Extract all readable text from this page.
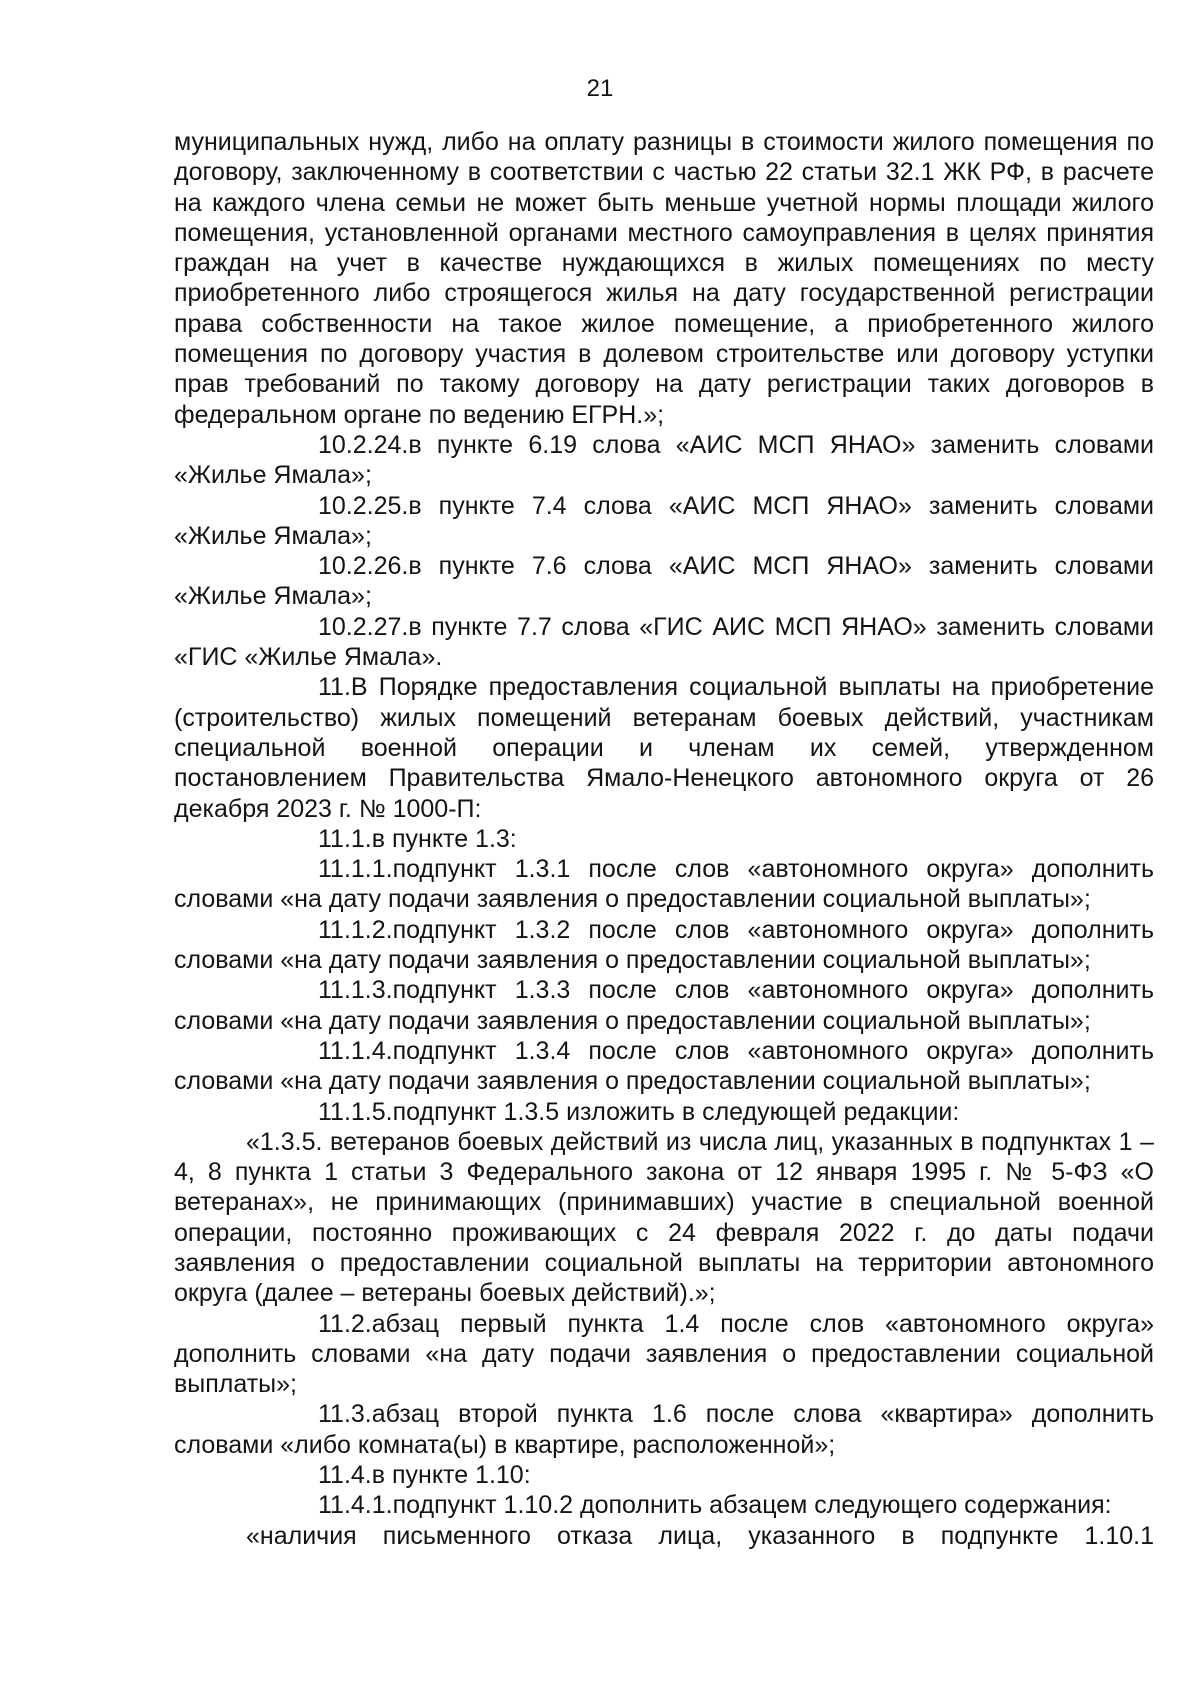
21

муниципальных нужд, либо на оплату разницы в стоимости жилого помещения по договору, заключенному в соответствии с частью 22 статьи 32.1 ЖК РФ, в расчете на каждого члена семьи не может быть меньше учетной нормы площади жилого помещения, установленной органами местного самоуправления в целях принятия граждан на учет в качестве нуждающихся в жилых помещениях по месту приобретенного либо строящегося жилья на дату государственной регистрации права собственности на такое жилое помещение, а приобретенного жилого помещения по договору участия в долевом строительстве или договору уступки прав требований по такому договору на дату регистрации таких договоров в федеральном органе по ведению ЕГРН.»;

10.2.24.в пункте 6.19 слова «АИС МСП ЯНАО» заменить словами «Жилье Ямала»;

10.2.25.в пункте 7.4 слова «АИС МСП ЯНАО» заменить словами «Жилье Ямала»;

10.2.26.в пункте 7.6 слова «АИС МСП ЯНАО» заменить словами «Жилье Ямала»;

10.2.27.в пункте 7.7 слова «ГИС АИС МСП ЯНАО» заменить словами «ГИС «Жилье Ямала».

11.В Порядке предоставления социальной выплаты на приобретение (строительство) жилых помещений ветеранам боевых действий, участникам специальной военной операции и членам их семей, утвержденном постановлением Правительства Ямало-Ненецкого автономного округа от 26 декабря 2023 г. № 1000-П:

11.1.в пункте 1.3:

11.1.1.подпункт 1.3.1 после слов «автономного округа» дополнить словами «на дату подачи заявления о предоставлении социальной выплаты»;

11.1.2.подпункт 1.3.2 после слов «автономного округа» дополнить словами «на дату подачи заявления о предоставлении социальной выплаты»;

11.1.3.подпункт 1.3.3 после слов «автономного округа» дополнить словами «на дату подачи заявления о предоставлении социальной выплаты»;

11.1.4.подпункт 1.3.4 после слов «автономного округа» дополнить словами «на дату подачи заявления о предоставлении социальной выплаты»;

11.1.5.подпункт 1.3.5 изложить в следующей редакции:

«1.3.5. ветеранов боевых действий из числа лиц, указанных в подпунктах 1 – 4, 8 пункта 1 статьи 3 Федерального закона от 12 января 1995 г. № 5-ФЗ «О ветеранах», не принимающих (принимавших) участие в специальной военной операции, постоянно проживающих с 24 февраля 2022 г. до даты подачи заявления о предоставлении социальной выплаты на территории автономного округа (далее – ветераны боевых действий).»;

11.2.абзац первый пункта 1.4 после слов «автономного округа» дополнить словами «на дату подачи заявления о предоставлении социальной выплаты»;

11.3.абзац второй пункта 1.6 после слова «квартира» дополнить словами «либо комната(ы) в квартире, расположенной»;

11.4.в пункте 1.10:

11.4.1.подпункт 1.10.2 дополнить абзацем следующего содержания:

«наличия письменного отказа лица, указанного в подпункте 1.10.1
